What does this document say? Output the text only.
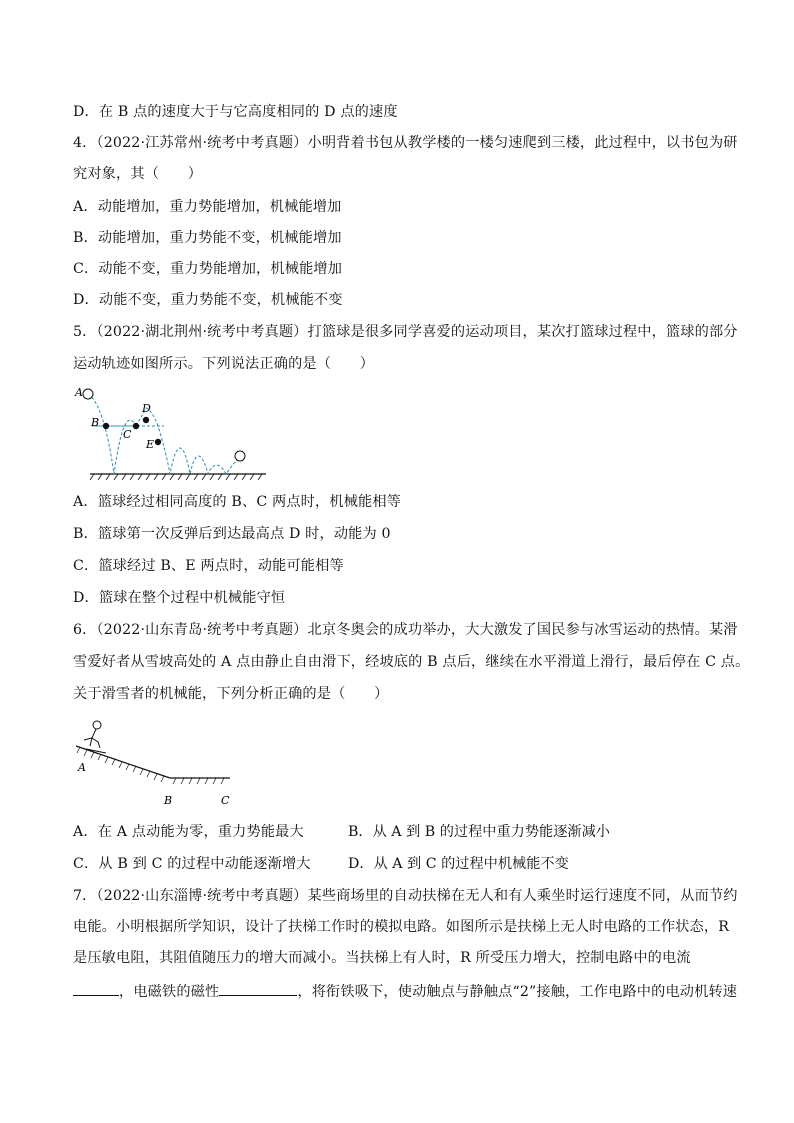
D．在 B 点的速度大于与它高度相同的 D 点的速度
4．（2022·江苏常州·统考中考真题）小明背着书包从教学楼的一楼匀速爬到三楼，此过程中，以书包为研
究对象，其（　　）
A．动能增加，重力势能增加，机械能增加
B．动能增加，重力势能不变，机械能增加
C．动能不变，重力势能增加，机械能增加
D．动能不变，重力势能不变，机械能不变
5．（2022·湖北荆州·统考中考真题）打篮球是很多同学喜爱的运动项目，某次打篮球过程中，篮球的部分
运动轨迹如图所示。下列说法正确的是（　　）
A
B
C
D
E
A．篮球经过相同高度的 B、C 两点时，机械能相等
B．篮球第一次反弹后到达最高点 D 时，动能为 0
C．篮球经过 B、E 两点时，动能可能相等
D．篮球在整个过程中机械能守恒
6．（2022·山东青岛·统考中考真题）北京冬奥会的成功举办，大大激发了国民参与冰雪运动的热情。某滑
雪爱好者从雪坡高处的 A 点由静止自由滑下，经坡底的 B 点后，继续在水平滑道上滑行，最后停在 C 点。
关于滑雪者的机械能，下列分析正确的是（　　）
A
B	C
A．在 A 点动能为零，重力势能最大	B．从 A 到 B 的过程中重力势能逐渐减小
C．从 B 到 C 的过程中动能逐渐增大	D．从 A 到 C 的过程中机械能不变
7．（2022·山东淄博·统考中考真题）某些商场里的自动扶梯在无人和有人乘坐时运行速度不同，从而节约
电能。小明根据所学知识，设计了扶梯工作时的模拟电路。如图所示是扶梯上无人时电路的工作状态，R
是压敏电阻，其阻值随压力的增大而减小。当扶梯上有人时，R 所受压力增大，控制电路中的电流
，电磁铁的磁性	，将衔铁吸下，使动触点与静触点“2”接触，工作电路中的电动机转速
